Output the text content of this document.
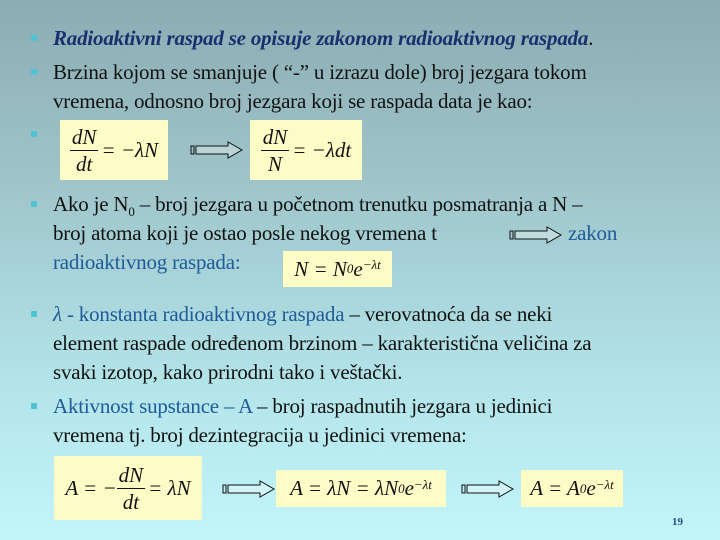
Radioaktivni raspad se opisuje zakonom radioaktivnog raspada.
Brzina kojom se smanjuje ( “-” u izrazu dole) broj jezgara tokom
vremena, odnosno broj jezgara koji se raspada data je kao:
$\frac{dN}{dt} = -\lambda N$	$\frac{dN}{N} = -\lambda dt$
Ako je $N_0$ – broj jezgara u početnom trenutku posmatranja a N –
broj atoma koji je ostao posle nekog vremena t	zakon
radioaktivnog raspada:	N = N 0 $e^{-\lambda t}$
λ - konstanta radioaktivnog raspada – verovatnoća da se neki
element raspade određenom brzinom – karakteristična veličina za
svaki izotop, kako prirodni tako i veštački.
Aktivnost supstance – A – broj raspadnutih jezgara u jedinici
vremena tj. broj dezintegracija u jedinici vremena:
A = − $\frac{dN}{dt} = \lambda N$	A = λN = λN 0 $e^{-\lambda t}$	A = A 0 $e^{-\lambda t}$
19
